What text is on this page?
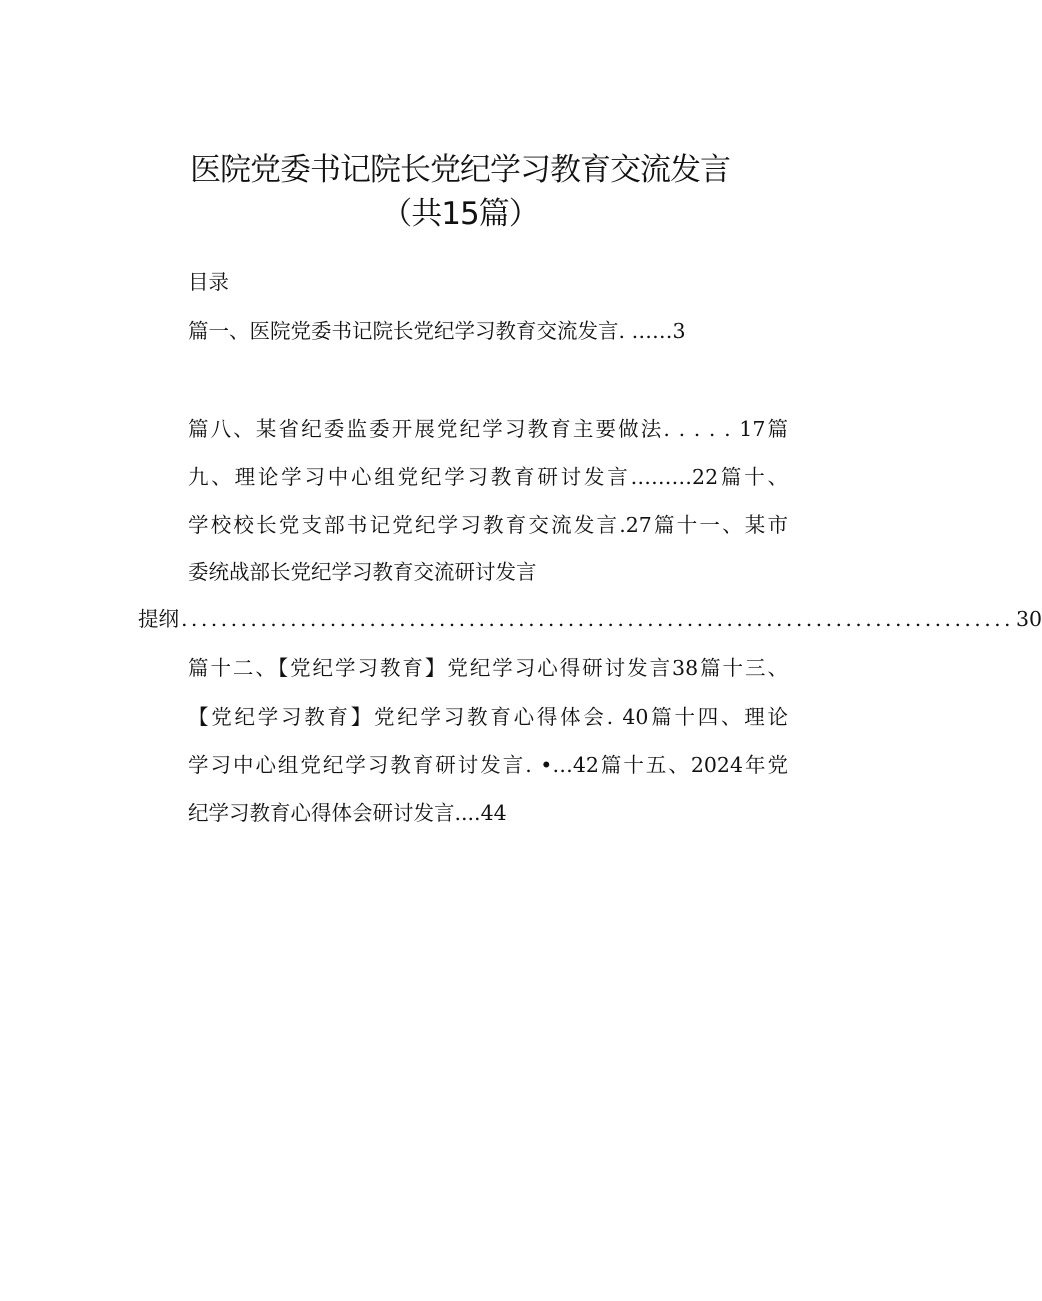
医院党委书记院长党纪学习教育交流发言
（共15篇）
目录
篇一、医院党委书记院长党纪学习教育交流发言. ……3
篇八、某省纪委监委开展党纪学习教育主要做法. . . . . 17篇
九、理论学习中心组党纪学习教育研讨发言………22篇十、
学校校长党支部书记党纪学习教育交流发言.27篇十一、某市
委统战部长党纪学习教育交流研讨发言
提纲 .................................................................................... 30
篇十二、【党纪学习教育】党纪学习心得研讨发言38篇十三、
【党纪学习教育】党纪学习教育心得体会. 40篇十四、理论
学习中心组党纪学习教育研讨发言. •…42篇十五、2024年党
纪学习教育心得体会研讨发言....44
